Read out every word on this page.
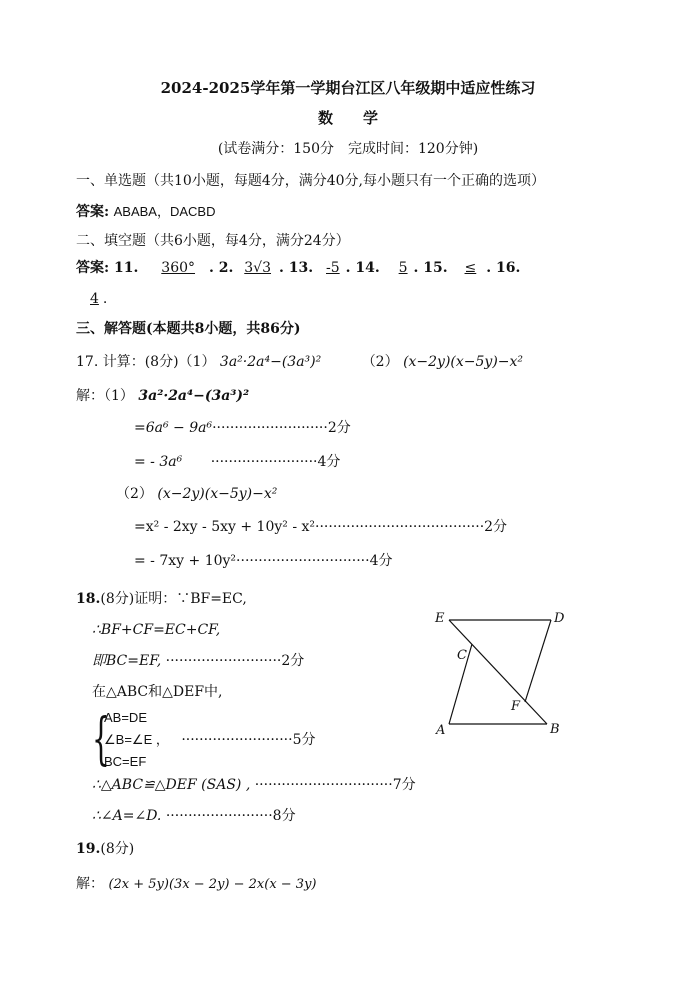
2024-2025学年第一学期台江区八年级期中适应性练习
数　　学
(试卷满分：150分　完成时间：120分钟)
一、单选题（共10小题，每题4分，满分40分,每小题只有一个正确的选项）
答案: ABABA，DACBD
二、填空题（共6小题，每4分，满分24分）
答案: 11. 360° . 2. 3√3 . 13. -5 . 14. 5 . 15. ≤ . 16.
4 .
三、解答题(本题共8小题，共86分)
17. 计算：(8分)（1） 3a²·2a⁴−(3a³)²	（2） (x−2y)(x−5y)−x²
解：（1） 3a²·2a⁴−(3a³)²
=6a⁶ − 9a⁶··························2分
= - 3a⁶ ························4分
（2） (x−2y)(x−5y)−x²
=x² - 2xy - 5xy + 10y² - x²······································2分
= - 7xy + 10y²······························4分
18.(8分)证明：∵BF=EC,
∴BF+CF=EC+CF,
即BC=EF, ··························2分
在△ABC和△DEF中,
{
AB=DE
∠B=∠E ， ·························5分
BC=EF
∴△ABC≌△DEF (SAS) , ·······························7分
∴∠A=∠D. ························8分
E	D
C
F
A	B
19.(8分)
解： (2x + 5y)(3x − 2y) − 2x(x − 3y)
